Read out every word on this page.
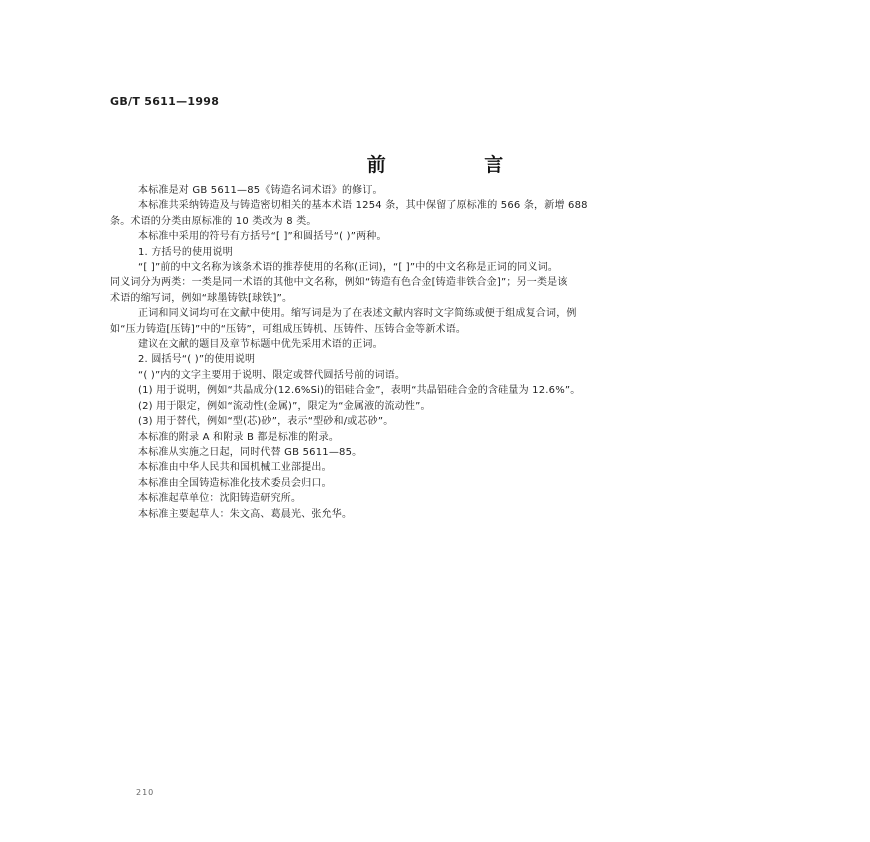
GB/T 5611—1998
前 言
本标准是对 GB 5611—85《铸造名词术语》的修订。
本标准共采纳铸造及与铸造密切相关的基本术语 1254 条，其中保留了原标准的 566 条，新增 688
条。术语的分类由原标准的 10 类改为 8 类。
本标准中采用的符号有方括号“[ ]”和圆括号“( )”两种。
1. 方括号的使用说明
“[ ]”前的中文名称为该条术语的推荐使用的名称(正词)，“[ ]”中的中文名称是正词的同义词。
同义词分为两类：一类是同一术语的其他中文名称，例如“铸造有色合金[铸造非铁合金]”；另一类是该
术语的缩写词，例如“球墨铸铁[球铁]”。
正词和同义词均可在文献中使用。缩写词是为了在表述文献内容时文字简练或便于组成复合词，例
如“压力铸造[压铸]”中的“压铸”，可组成压铸机、压铸件、压铸合金等新术语。
建议在文献的题目及章节标题中优先采用术语的正词。
2. 圆括号“( )”的使用说明
“( )”内的文字主要用于说明、限定或替代圆括号前的词语。
(1) 用于说明，例如“共晶成分(12.6%Si)的铝硅合金”，表明“共晶铝硅合金的含硅量为 12.6%”。
(2) 用于限定，例如“流动性(金属)”，限定为“金属液的流动性”。
(3) 用于替代，例如“型(芯)砂”，表示“型砂和/或芯砂”。
本标准的附录 A 和附录 B 都是标准的附录。
本标准从实施之日起，同时代替 GB 5611—85。
本标准由中华人民共和国机械工业部提出。
本标准由全国铸造标准化技术委员会归口。
本标准起草单位：沈阳铸造研究所。
本标准主要起草人：朱文高、葛晨光、张允华。
210
